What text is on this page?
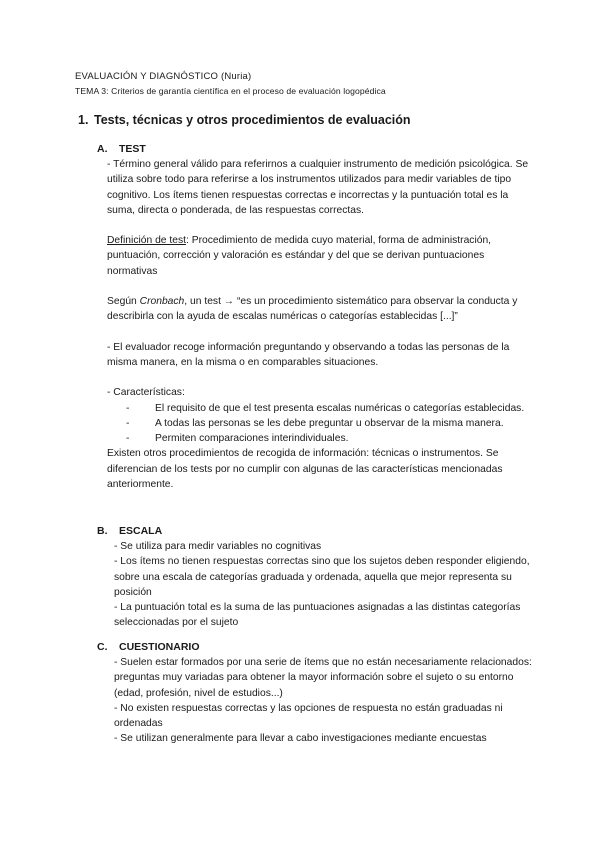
EVALUACIÓN Y DIAGNÓSTICO (Nuria)
TEMA 3: Criterios de garantía científica en el proceso de evaluación logopédica
1. Tests, técnicas y otros procedimientos de evaluación
A. TEST
- Término general válido para referirnos a cualquier instrumento de medición psicológica. Se utiliza sobre todo para referirse a los instrumentos utilizados para medir variables de tipo cognitivo. Los ítems tienen respuestas correctas e incorrectas y la puntuación total es la suma, directa o ponderada, de las respuestas correctas.
Definición de test: Procedimiento de medida cuyo material, forma de administración, puntuación, corrección y valoración es estándar y del que se derivan puntuaciones normativas
Según Cronbach, un test → “es un procedimiento sistemático para observar la conducta y describirla con la ayuda de escalas numéricas o categorías establecidas [...]”
- El evaluador recoge información preguntando y observando a todas las personas de la misma manera, en la misma o en comparables situaciones.
- Características:
-	El requisito de que el test presenta escalas numéricas o categorías establecidas.
-	A todas las personas se les debe preguntar u observar de la misma manera.
-	Permiten comparaciones interindividuales.
Existen otros procedimientos de recogida de información: técnicas o instrumentos. Se diferencian de los tests por no cumplir con algunas de las características mencionadas anteriormente.
B. ESCALA
- Se utiliza para medir variables no cognitivas
- Los ítems no tienen respuestas correctas sino que los sujetos deben responder eligiendo, sobre una escala de categorías graduada y ordenada, aquella que mejor representa su posición
- La puntuación total es la suma de las puntuaciones asignadas a las distintas categorías seleccionadas por el sujeto
C. CUESTIONARIO
- Suelen estar formados por una serie de ítems que no están necesariamente relacionados: preguntas muy variadas para obtener la mayor información sobre el sujeto o su entorno (edad, profesión, nivel de estudios...)
- No existen respuestas correctas y las opciones de respuesta no están graduadas ni ordenadas
- Se utilizan generalmente para llevar a cabo investigaciones mediante encuestas
